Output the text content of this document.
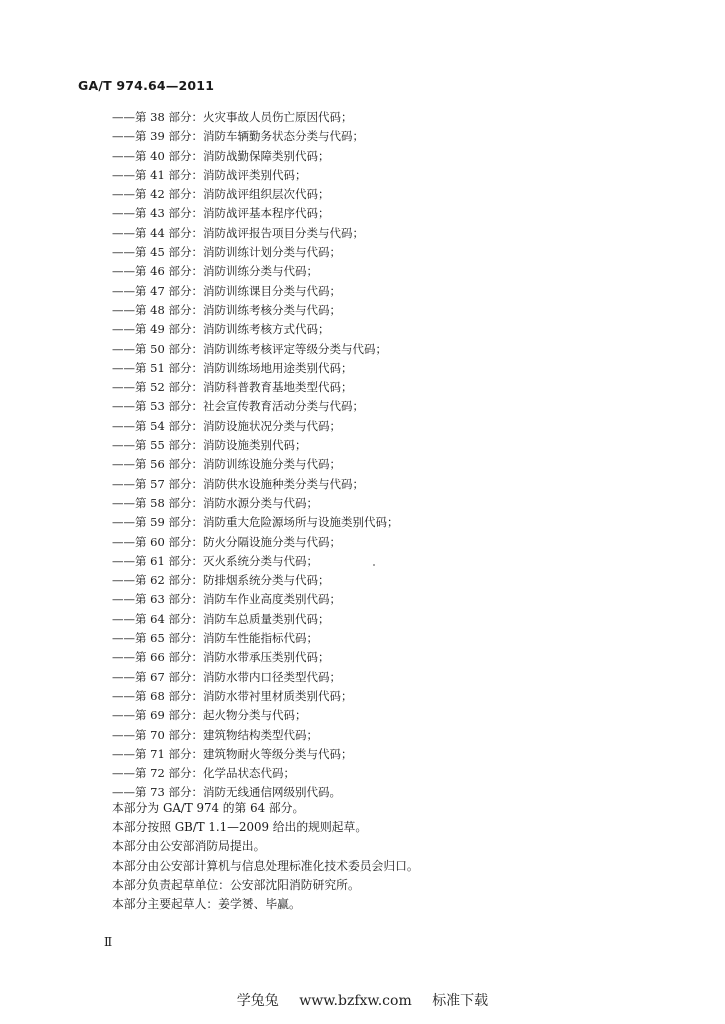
GA/T 974.64—2011
——第 38 部分：火灾事故人员伤亡原因代码；
——第 39 部分：消防车辆勤务状态分类与代码；
——第 40 部分：消防战勤保障类别代码；
——第 41 部分：消防战评类别代码；
——第 42 部分：消防战评组织层次代码；
——第 43 部分：消防战评基本程序代码；
——第 44 部分：消防战评报告项目分类与代码；
——第 45 部分：消防训练计划分类与代码；
——第 46 部分：消防训练分类与代码；
——第 47 部分：消防训练课目分类与代码；
——第 48 部分：消防训练考核分类与代码；
——第 49 部分：消防训练考核方式代码；
——第 50 部分：消防训练考核评定等级分类与代码；
——第 51 部分：消防训练场地用途类别代码；
——第 52 部分：消防科普教育基地类型代码；
——第 53 部分：社会宣传教育活动分类与代码；
——第 54 部分：消防设施状况分类与代码；
——第 55 部分：消防设施类别代码；
——第 56 部分：消防训练设施分类与代码；
——第 57 部分：消防供水设施种类分类与代码；
——第 58 部分：消防水源分类与代码；
——第 59 部分：消防重大危险源场所与设施类别代码；
——第 60 部分：防火分隔设施分类与代码；
——第 61 部分：灭火系统分类与代码；
——第 62 部分：防排烟系统分类与代码；
——第 63 部分：消防车作业高度类别代码；
——第 64 部分：消防车总质量类别代码；
——第 65 部分：消防车性能指标代码；
——第 66 部分：消防水带承压类别代码；
——第 67 部分：消防水带内口径类型代码；
——第 68 部分：消防水带衬里材质类别代码；
——第 69 部分：起火物分类与代码；
——第 70 部分：建筑物结构类型代码；
——第 71 部分：建筑物耐火等级分类与代码；
——第 72 部分：化学品状态代码；
——第 73 部分：消防无线通信网级别代码。

本部分为 GA/T 974 的第 64 部分。

本部分按照 GB/T 1.1—2009 给出的规则起草。

本部分由公安部消防局提出。

本部分由公安部计算机与信息处理标准化技术委员会归口。

本部分负责起草单位：公安部沈阳消防研究所。

本部分主要起草人：姜学赟、毕赢。

Ⅱ
学兔兔 www.bzfxw.com 标准下载
